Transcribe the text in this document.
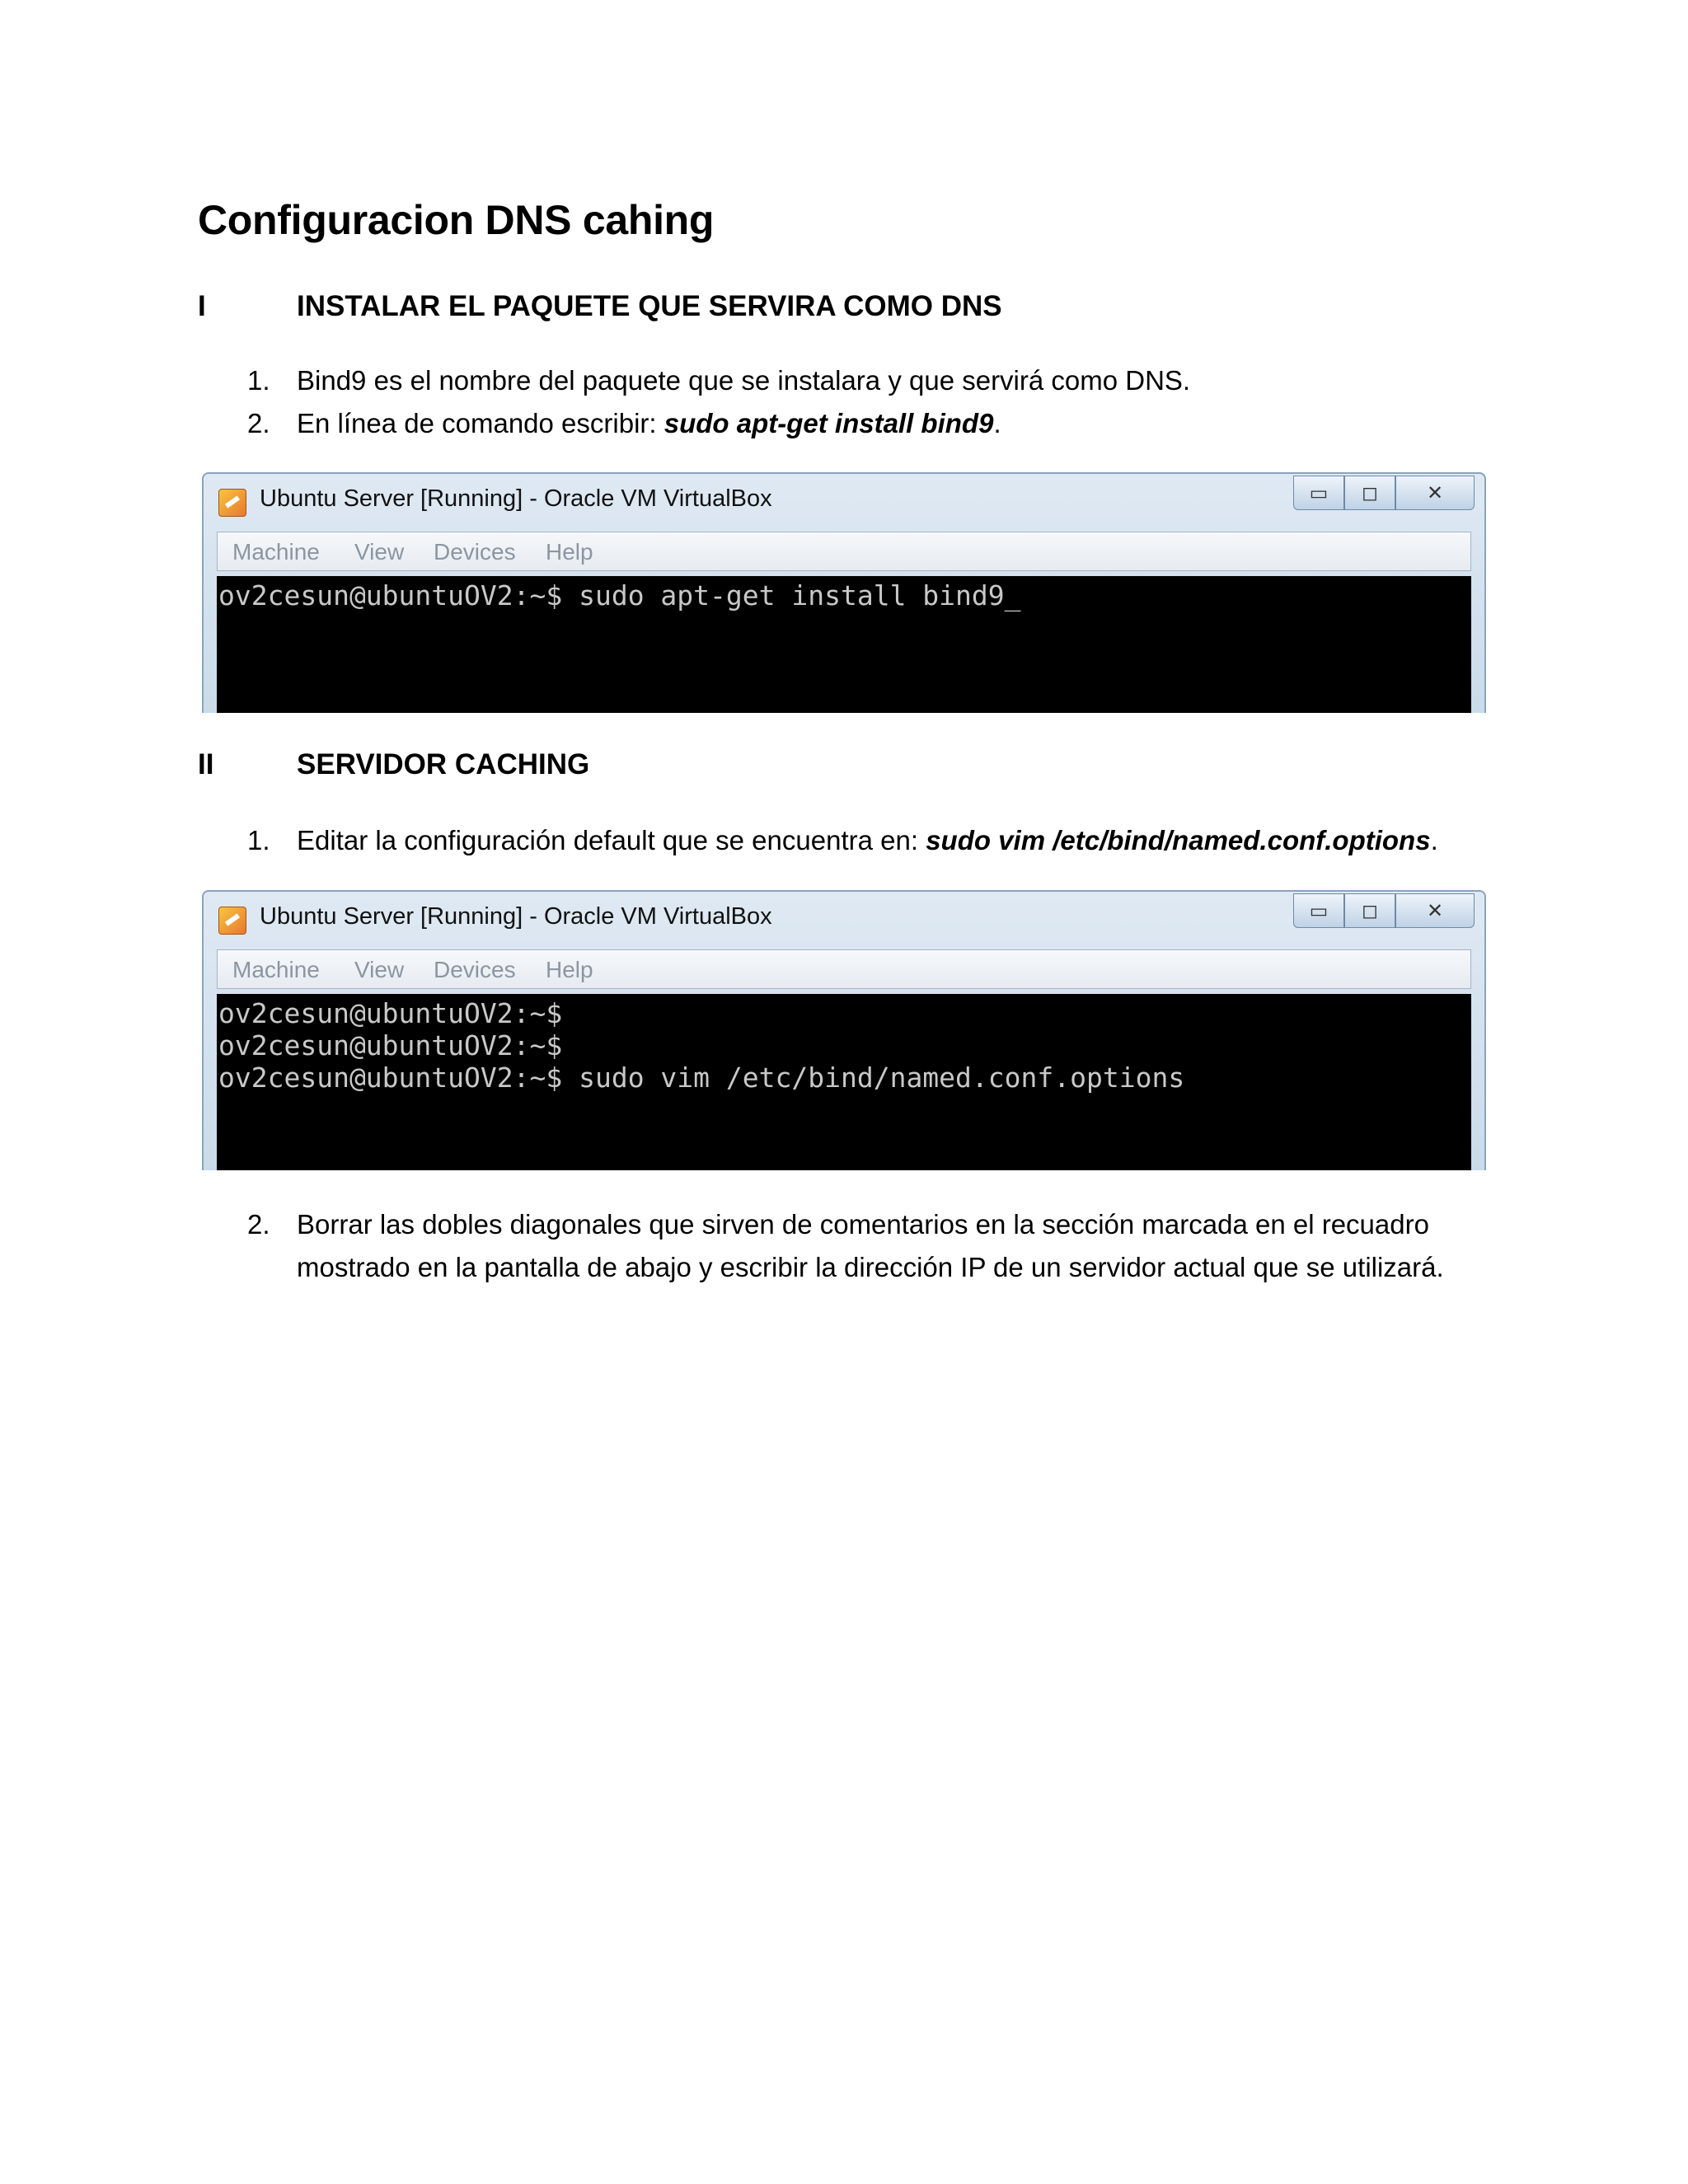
Configuracion DNS cahing
I	INSTALAR EL PAQUETE QUE SERVIRA COMO DNS
1. Bind9 es el nombre del paquete que se instalara y que servirá como DNS.
2. En línea de comando escribir: sudo apt-get install bind9.
Ubuntu Server [Running] - Oracle VM VirtualBox	▭	◻	✕
Machine View Devices Help
ov2cesun@ubuntuOV2:~$ sudo apt-get install bind9_
II	SERVIDOR CACHING
1. Editar la configuración default que se encuentra en: sudo vim /etc/bind/named.conf.options.
Ubuntu Server [Running] - Oracle VM VirtualBox	▭	◻	✕
Machine View Devices Help
ov2cesun@ubuntuOV2:~$
ov2cesun@ubuntuOV2:~$
ov2cesun@ubuntuOV2:~$ sudo vim /etc/bind/named.conf.options
2. Borrar las dobles diagonales que sirven de comentarios en la sección marcada en el recuadro mostrado en la pantalla de abajo y escribir la dirección IP de un servidor actual que se utilizará.
